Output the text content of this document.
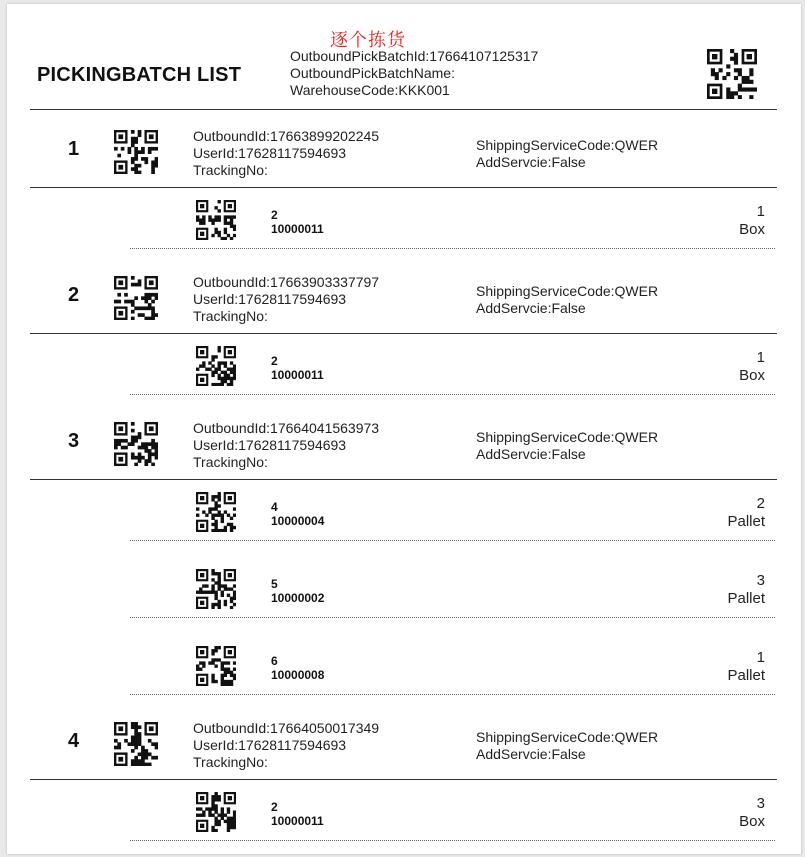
逐个拣货
PICKINGBATCH LIST
OutboundPickBatchId:17664107125317
OutboundPickBatchName:
WarehouseCode:KKK001
1
OutboundId:17663899202245
UserId:17628117594693
TrackingNo:
ShippingServiceCode:QWER
AddServcie:False
2
10000011
1
Box
2
OutboundId:17663903337797
UserId:17628117594693
TrackingNo:
ShippingServiceCode:QWER
AddServcie:False
2
10000011
1
Box
3
OutboundId:17664041563973
UserId:17628117594693
TrackingNo:
ShippingServiceCode:QWER
AddServcie:False
4
10000004
2
Pallet
5
10000002
3
Pallet
6
10000008
1
Pallet
4
OutboundId:17664050017349
UserId:17628117594693
TrackingNo:
ShippingServiceCode:QWER
AddServcie:False
2
10000011
3
Box
